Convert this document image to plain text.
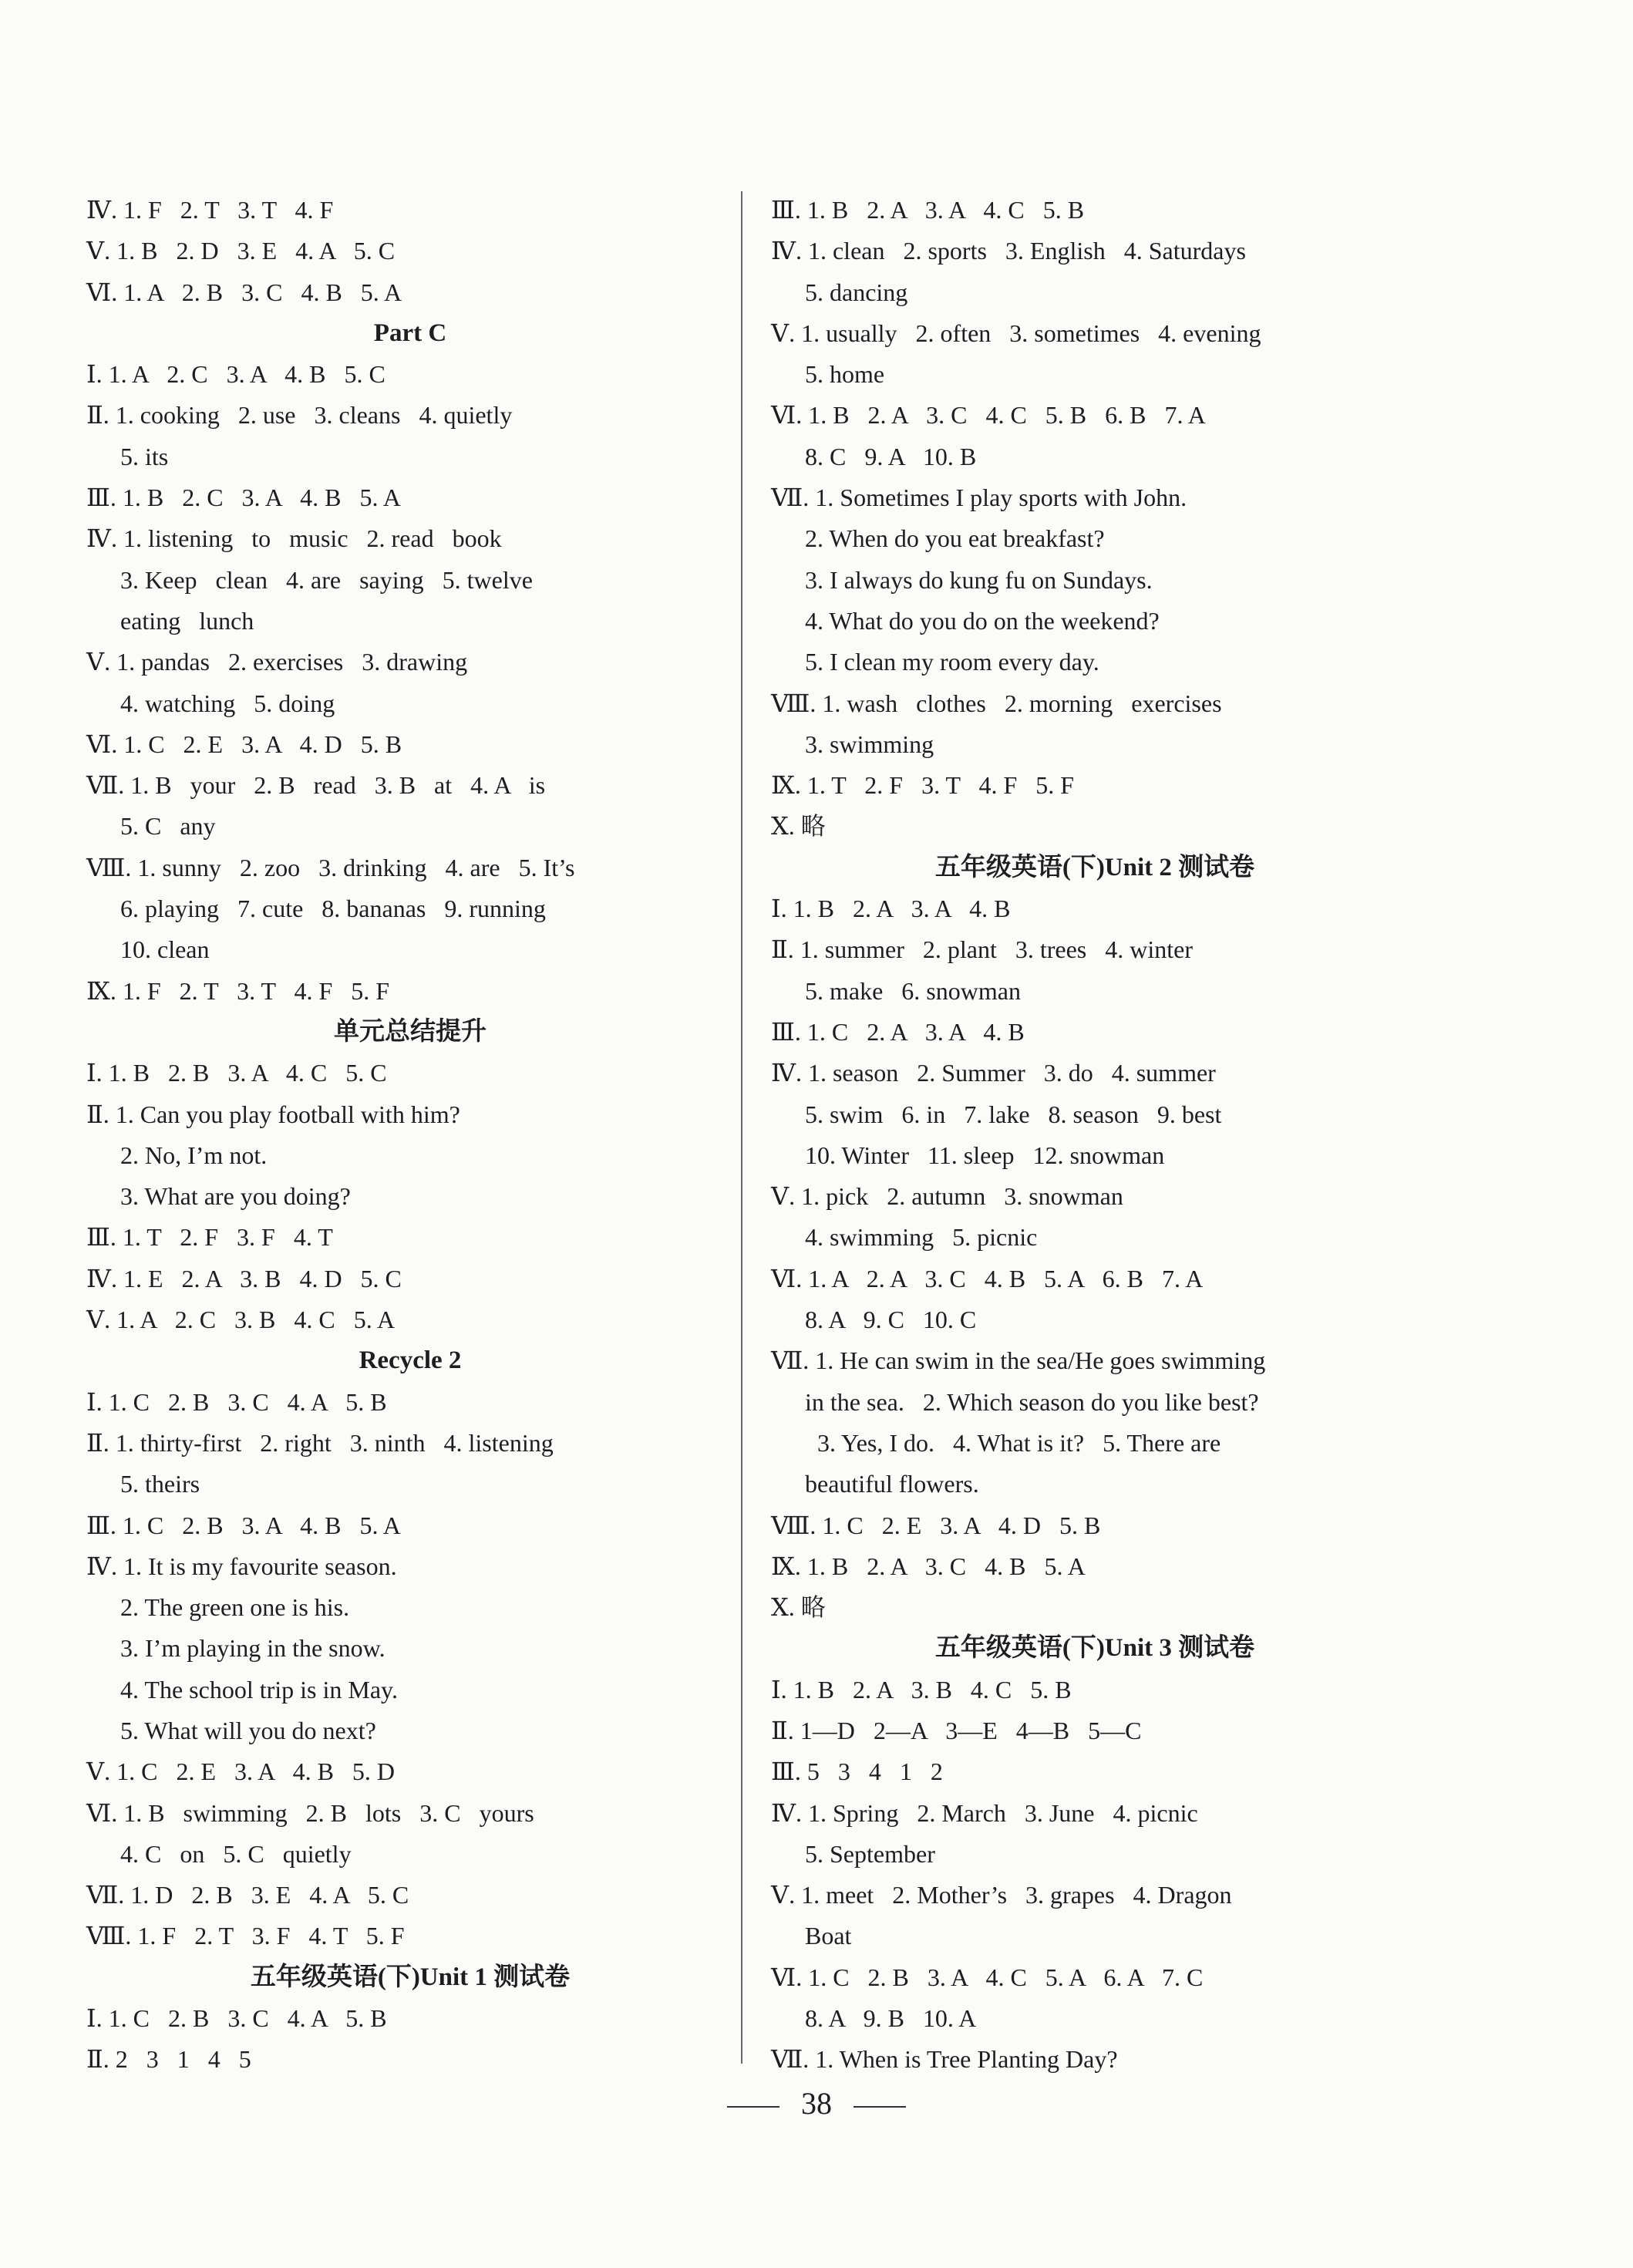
Ⅳ. 1. F   2. T   3. T   4. F
Ⅴ. 1. B   2. D   3. E   4. A   5. C
Ⅵ. 1. A   2. B   3. C   4. B   5. A
Part C
Ⅰ. 1. A   2. C   3. A   4. B   5. C
Ⅱ. 1. cooking   2. use   3. cleans   4. quietly
5. its
Ⅲ. 1. B   2. C   3. A   4. B   5. A
Ⅳ. 1. listening   to   music   2. read   book
3. Keep   clean   4. are   saying   5. twelve
eating   lunch
Ⅴ. 1. pandas   2. exercises   3. drawing
4. watching   5. doing
Ⅵ. 1. C   2. E   3. A   4. D   5. B
Ⅶ. 1. B   your   2. B   read   3. B   at   4. A   is
5. C   any
Ⅷ. 1. sunny   2. zoo   3. drinking   4. are   5. It’s
6. playing   7. cute   8. bananas   9. running
10. clean
Ⅸ. 1. F   2. T   3. T   4. F   5. F
单元总结提升
Ⅰ. 1. B   2. B   3. A   4. C   5. C
Ⅱ. 1. Can you play football with him?
2. No, I’m not.
3. What are you doing?
Ⅲ. 1. T   2. F   3. F   4. T
Ⅳ. 1. E   2. A   3. B   4. D   5. C
Ⅴ. 1. A   2. C   3. B   4. C   5. A
Recycle 2
Ⅰ. 1. C   2. B   3. C   4. A   5. B
Ⅱ. 1. thirty-first   2. right   3. ninth   4. listening
5. theirs
Ⅲ. 1. C   2. B   3. A   4. B   5. A
Ⅳ. 1. It is my favourite season.
2. The green one is his.
3. I’m playing in the snow.
4. The school trip is in May.
5. What will you do next?
Ⅴ. 1. C   2. E   3. A   4. B   5. D
Ⅵ. 1. B   swimming   2. B   lots   3. C   yours
4. C   on   5. C   quietly
Ⅶ. 1. D   2. B   3. E   4. A   5. C
Ⅷ. 1. F   2. T   3. F   4. T   5. F
五年级英语(下)Unit 1 测试卷
Ⅰ. 1. C   2. B   3. C   4. A   5. B
Ⅱ. 2   3   1   4   5
Ⅲ. 1. B   2. A   3. A   4. C   5. B
Ⅳ. 1. clean   2. sports   3. English   4. Saturdays
5. dancing
Ⅴ. 1. usually   2. often   3. sometimes   4. evening
5. home
Ⅵ. 1. B   2. A   3. C   4. C   5. B   6. B   7. A
8. C   9. A   10. B
Ⅶ. 1. Sometimes I play sports with John.
2. When do you eat breakfast?
3. I always do kung fu on Sundays.
4. What do you do on the weekend?
5. I clean my room every day.
Ⅷ. 1. wash   clothes   2. morning   exercises
3. swimming
Ⅸ. 1. T   2. F   3. T   4. F   5. F
Ⅹ. 略
五年级英语(下)Unit 2 测试卷
Ⅰ. 1. B   2. A   3. A   4. B
Ⅱ. 1. summer   2. plant   3. trees   4. winter
5. make   6. snowman
Ⅲ. 1. C   2. A   3. A   4. B
Ⅳ. 1. season   2. Summer   3. do   4. summer
5. swim   6. in   7. lake   8. season   9. best
10. Winter   11. sleep   12. snowman
Ⅴ. 1. pick   2. autumn   3. snowman
4. swimming   5. picnic
Ⅵ. 1. A   2. A   3. C   4. B   5. A   6. B   7. A
8. A   9. C   10. C
Ⅶ. 1. He can swim in the sea/He goes swimming
in the sea.   2. Which season do you like best?
3. Yes, I do.   4. What is it?   5. There are
beautiful flowers.
Ⅷ. 1. C   2. E   3. A   4. D   5. B
Ⅸ. 1. B   2. A   3. C   4. B   5. A
Ⅹ. 略
五年级英语(下)Unit 3 测试卷
Ⅰ. 1. B   2. A   3. B   4. C   5. B
Ⅱ. 1—D   2—A   3—E   4—B   5—C
Ⅲ. 5   3   4   1   2
Ⅳ. 1. Spring   2. March   3. June   4. picnic
5. September
Ⅴ. 1. meet   2. Mother’s   3. grapes   4. Dragon
Boat
Ⅵ. 1. C   2. B   3. A   4. C   5. A   6. A   7. C
8. A   9. B   10. A
Ⅶ. 1. When is Tree Planting Day?
38
